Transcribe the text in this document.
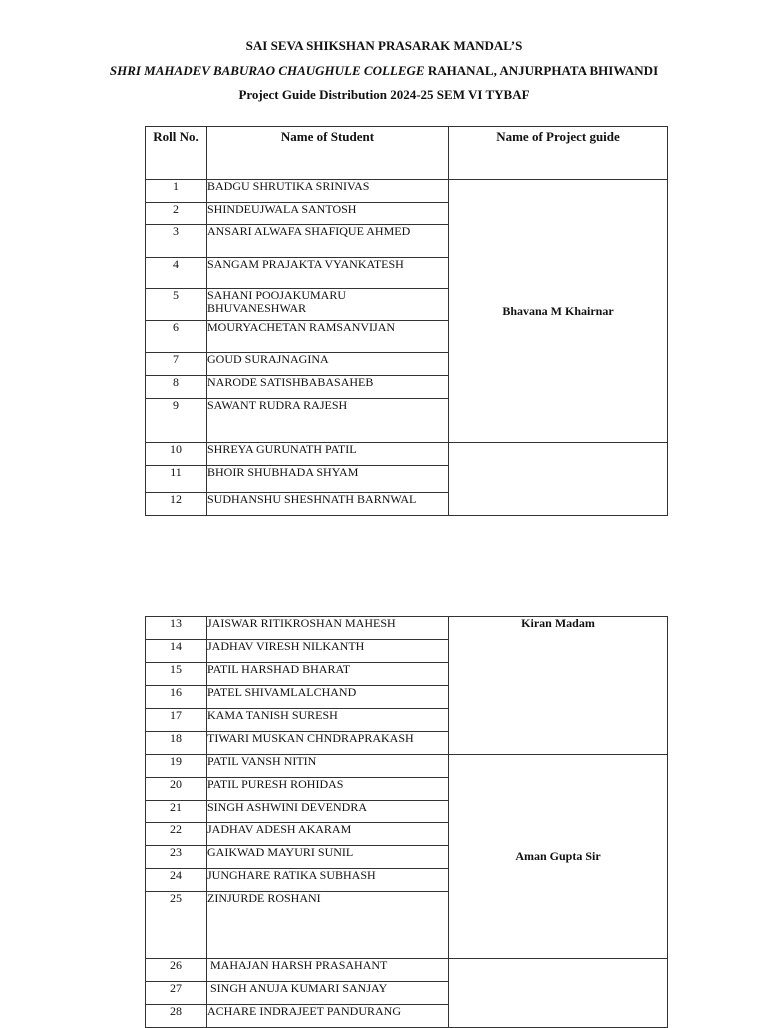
SAI SEVA SHIKSHAN PRASARAK MANDAL’S
SHRI MAHADEV BABURAO CHAUGHULE COLLEGE RAHANAL, ANJURPHATA BHIWANDI
Project Guide Distribution 2024-25 SEM VI TYBAF
Roll No.	Name of Student	Name of Project guide
1	BADGU SHRUTIKA SRINIVAS	Bhavana M Khairnar
2	SHINDEUJWALA SANTOSH	
3	ANSARI ALWAFA SHAFIQUE AHMED	
4	SANGAM PRAJAKTA VYANKATESH	
5	SAHANI POOJAKUMARU BHUVANESHWAR	
6	MOURYACHETAN RAMSANVIJAN	
7	GOUD SURAJNAGINA	
8	NARODE SATISHBABASAHEB	
9	SAWANT RUDRA RAJESH	
10	SHREYA GURUNATH PATIL	
11	BHOIR SHUBHADA SHYAM	
12	SUDHANSHU SHESHNATH BARNWAL	
13	JAISWAR RITIKROSHAN MAHESH	Kiran Madam
14	JADHAV VIRESH NILKANTH	
15	PATIL HARSHAD BHARAT	
16	PATEL SHIVAMLALCHAND	
17	KAMA TANISH SURESH	
18	TIWARI MUSKAN CHNDRAPRAKASH	
19	PATIL VANSH NITIN	Aman Gupta Sir
20	PATIL PURESH ROHIDAS	
21	SINGH ASHWINI DEVENDRA	
22	JADHAV ADESH AKARAM	
23	GAIKWAD MAYURI SUNIL	
24	JUNGHARE RATIKA SUBHASH	
25	ZINJURDE ROSHANI	
26	MAHAJAN HARSH PRASAHANT	
27	SINGH ANUJA KUMARI SANJAY	
28	ACHARE INDRAJEET PANDURANG	
